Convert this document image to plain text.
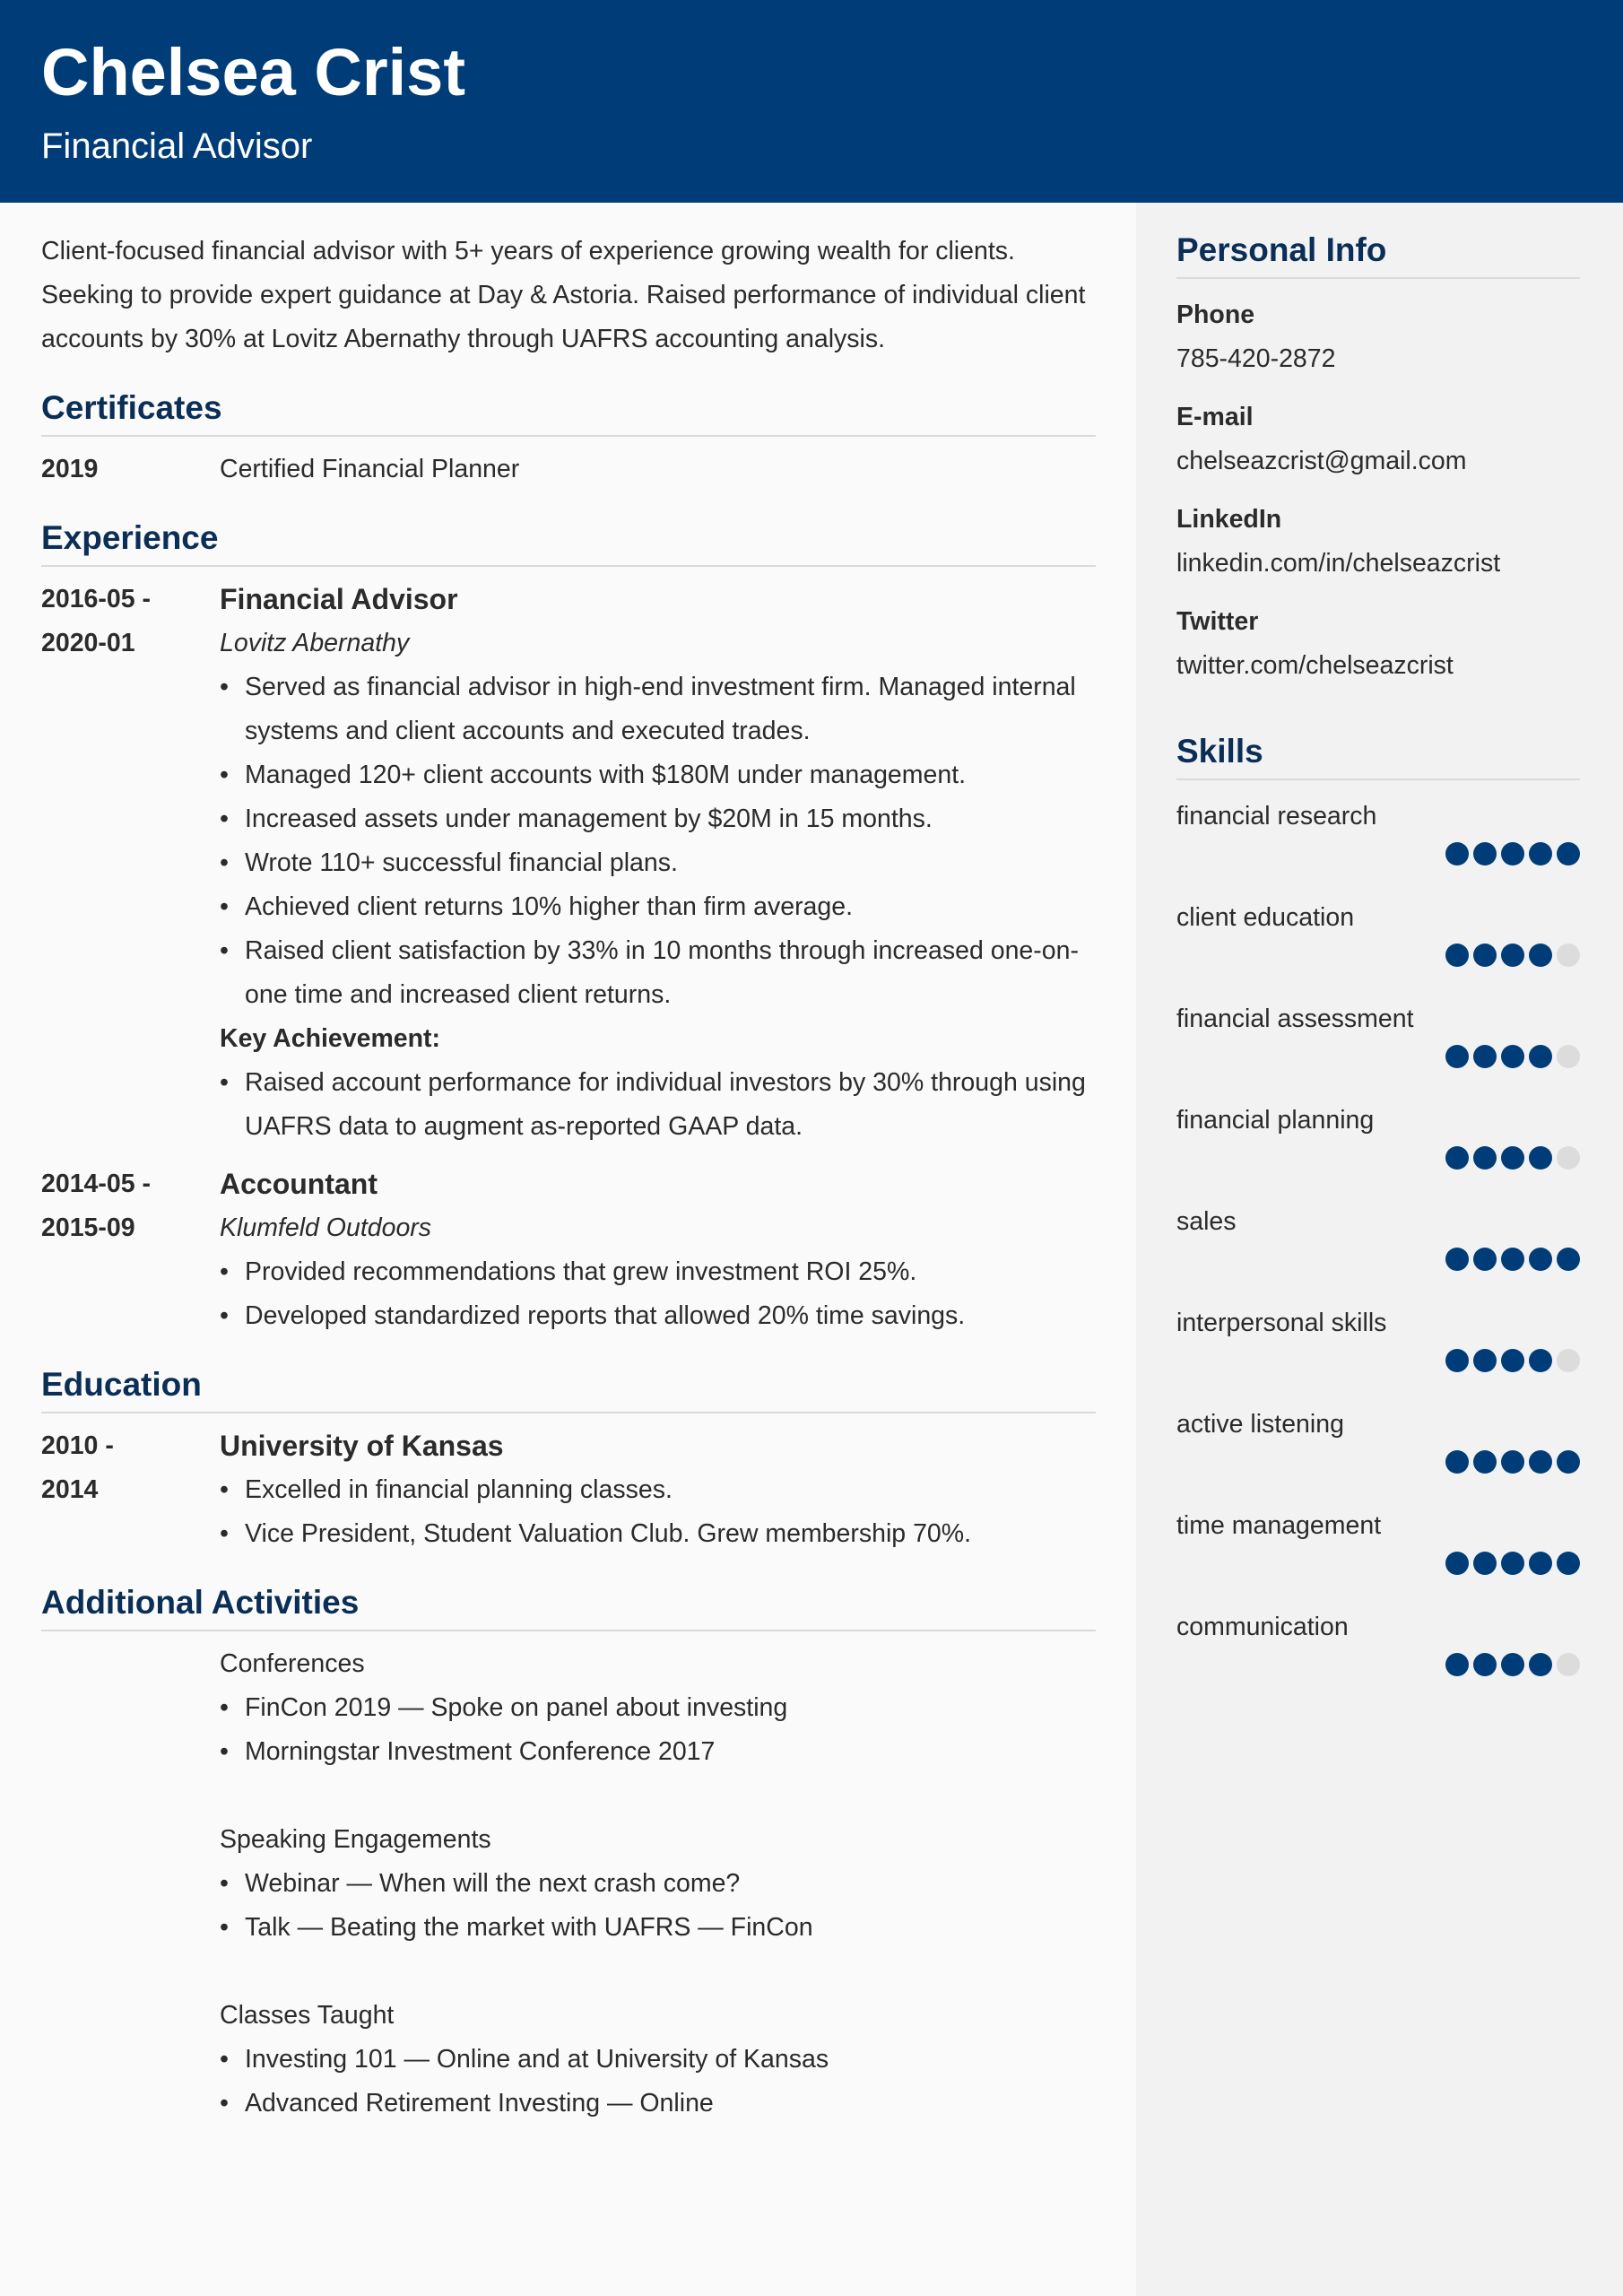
Chelsea Crist
Financial Advisor
Client-focused financial advisor with 5+ years of experience growing wealth for clients. Seeking to provide expert guidance at Day & Astoria. Raised performance of individual client accounts by 30% at Lovitz Abernathy through UAFRS accounting analysis.
Certificates
2019	Certified Financial Planner
Experience
2016-05 -
2020-01
Financial Advisor
Lovitz Abernathy
• Served as financial advisor in high-end investment firm. Managed internal systems and client accounts and executed trades.
• Managed 120+ client accounts with $180M under management.
• Increased assets under management by $20M in 15 months.
• Wrote 110+ successful financial plans.
• Achieved client returns 10% higher than firm average.
• Raised client satisfaction by 33% in 10 months through increased one-on-one time and increased client returns.
Key Achievement:
• Raised account performance for individual investors by 30% through using UAFRS data to augment as-reported GAAP data.
2014-05 -
2015-09
Accountant
Klumfeld Outdoors
• Provided recommendations that grew investment ROI 25%.
• Developed standardized reports that allowed 20% time savings.
Education
2010 -
2014
University of Kansas
• Excelled in financial planning classes.
• Vice President, Student Valuation Club. Grew membership 70%.
Additional Activities
Conferences
• FinCon 2019 — Spoke on panel about investing
• Morningstar Investment Conference 2017
Speaking Engagements
• Webinar — When will the next crash come?
• Talk — Beating the market with UAFRS — FinCon
Classes Taught
• Investing 101 — Online and at University of Kansas
• Advanced Retirement Investing — Online
Personal Info
Phone
785-420-2872
E-mail
chelseazcrist@gmail.com
LinkedIn
linkedin.com/in/chelseazcrist
Twitter
twitter.com/chelseazcrist
Skills
financial research
client education
financial assessment
financial planning
sales
interpersonal skills
active listening
time management
communication
